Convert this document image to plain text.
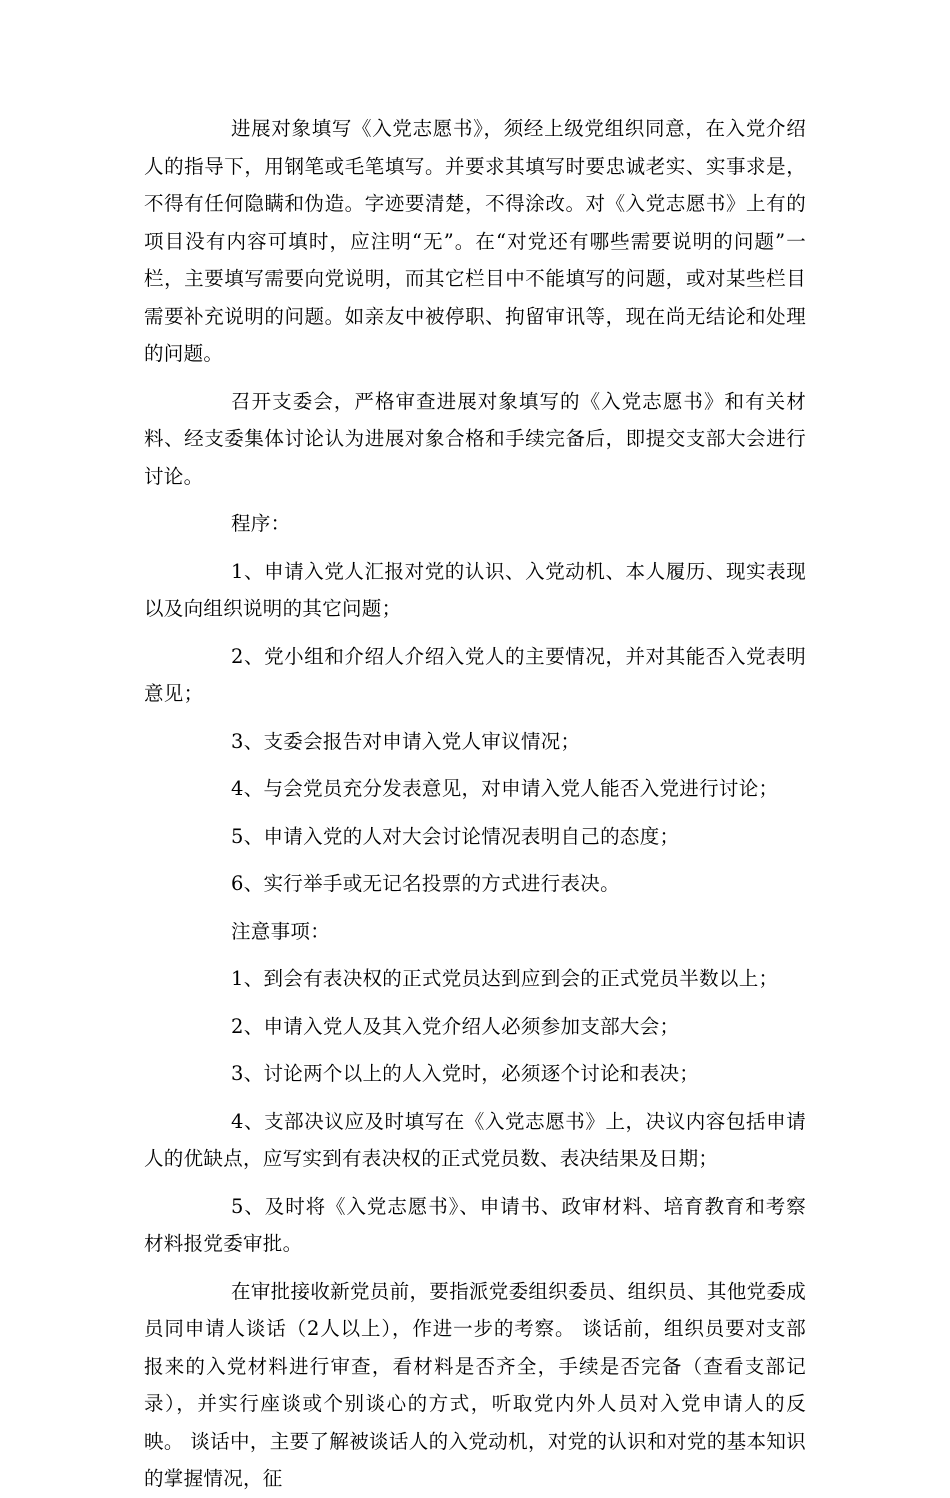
进展对象填写《入党志愿书》，须经上级党组织同意，在入党介绍人的指导下，用钢笔或毛笔填写。并要求其填写时要忠诚老实、实事求是，不得有任何隐瞒和伪造。字迹要清楚，不得涂改。对《入党志愿书》上有的项目没有内容可填时，应注明“无”。在“对党还有哪些需要说明的问题”一栏，主要填写需要向党说明，而其它栏目中不能填写的问题，或对某些栏目需要补充说明的问题。如亲友中被停职、拘留审讯等，现在尚无结论和处理的问题。

召开支委会，严格审查进展对象填写的《入党志愿书》和有关材料、经支委集体讨论认为进展对象合格和手续完备后，即提交支部大会进行讨论。

程序：

1、申请入党人汇报对党的认识、入党动机、本人履历、现实表现以及向组织说明的其它问题；

2、党小组和介绍人介绍入党人的主要情况，并对其能否入党表明意见；

3、支委会报告对申请入党人审议情况；

4、与会党员充分发表意见，对申请入党人能否入党进行讨论；

5、申请入党的人对大会讨论情况表明自己的态度；

6、实行举手或无记名投票的方式进行表决。

注意事项：

1、到会有表决权的正式党员达到应到会的正式党员半数以上；

2、申请入党人及其入党介绍人必须参加支部大会；

3、讨论两个以上的人入党时，必须逐个讨论和表决；

4、支部决议应及时填写在《入党志愿书》上，决议内容包括申请人的优缺点，应写实到有表决权的正式党员数、表决结果及日期；

5、及时将《入党志愿书》、申请书、政审材料、培育教育和考察材料报党委审批。

在审批接收新党员前，要指派党委组织委员、组织员、其他党委成员同申请人谈话（2人以上），作进一步的考察。 谈话前，组织员要对支部报来的入党材料进行审查，看材料是否齐全，手续是否完备（查看支部记录），并实行座谈或个别谈心的方式，听取党内外人员对入党申请人的反映。 谈话中，主要了解被谈话人的入党动机，对党的认识和对党的基本知识的掌握情况，征
